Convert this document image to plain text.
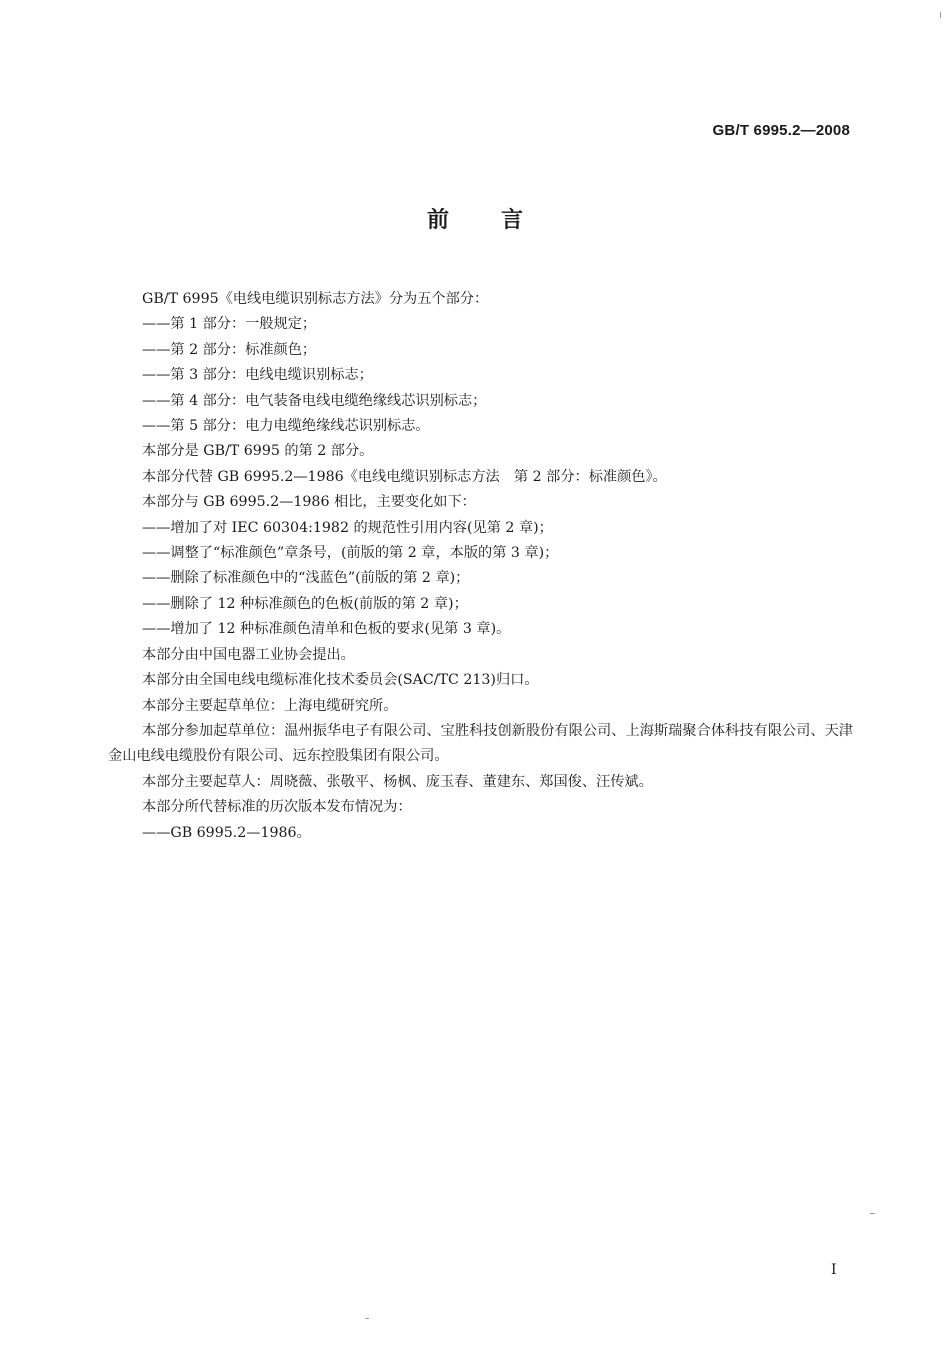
GB/T 6995.2—2008
前言

GB/T 6995《电线电缆识别标志方法》分为五个部分：

——第 1 部分：一般规定；

——第 2 部分：标准颜色；

——第 3 部分：电线电缆识别标志；

——第 4 部分：电气装备电线电缆绝缘线芯识别标志；

——第 5 部分：电力电缆绝缘线芯识别标志。

本部分是 GB/T 6995 的第 2 部分。

本部分代替 GB 6995.2—1986《电线电缆识别标志方法　第 2 部分：标准颜色》。

本部分与 GB 6995.2—1986 相比，主要变化如下：

——增加了对 IEC 60304:1982 的规范性引用内容(见第 2 章)；

——调整了“标准颜色”章条号，(前版的第 2 章，本版的第 3 章)；

——删除了标准颜色中的“浅蓝色”(前版的第 2 章)；

——删除了 12 种标准颜色的色板(前版的第 2 章)；

——增加了 12 种标准颜色清单和色板的要求(见第 3 章)。

本部分由中国电器工业协会提出。

本部分由全国电线电缆标准化技术委员会(SAC/TC 213)归口。

本部分主要起草单位：上海电缆研究所。

本部分参加起草单位：温州振华电子有限公司、宝胜科技创新股份有限公司、上海斯瑞聚合体科技有限公司、天津金山电线电缆股份有限公司、远东控股集团有限公司。

本部分主要起草人：周晓薇、张敬平、杨枫、庞玉春、董建东、郑国俊、汪传斌。

本部分所代替标准的历次版本发布情况为：

——GB 6995.2—1986。

I
